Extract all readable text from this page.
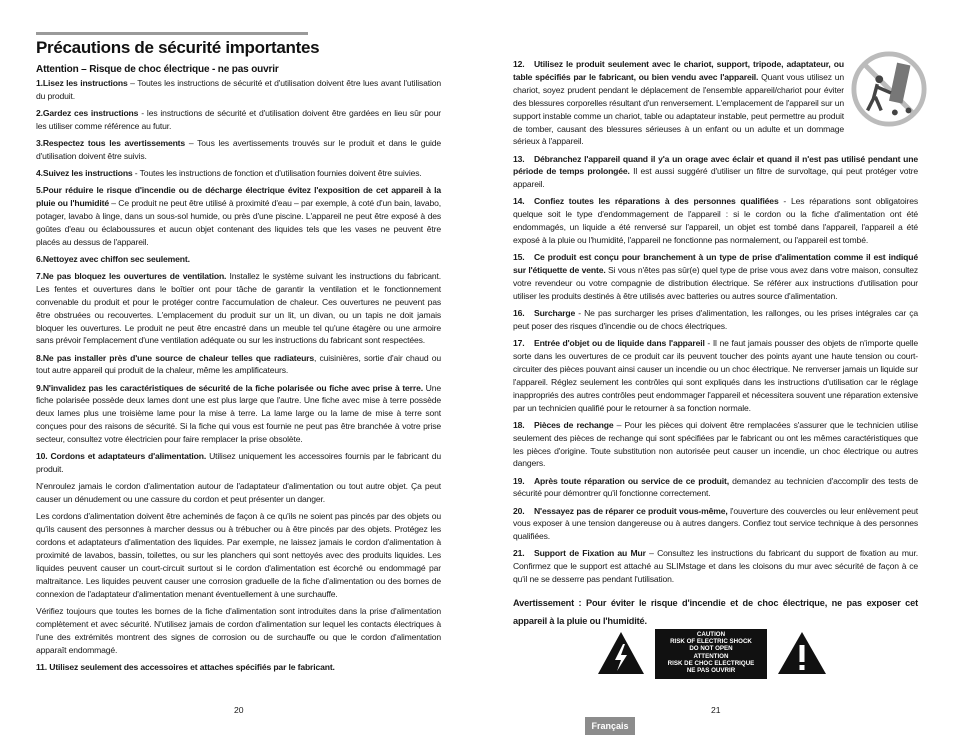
Précautions de sécurité importantes
Attention – Risque de choc électrique - ne pas ouvrir

1.Lisez les instructions – Toutes les instructions de sécurité et d'utilisation doivent être lues avant l'utilisation du produit.

2.Gardez ces instructions - les instructions de sécurité et d'utilisation doivent être gardées en lieu sûr pour les utiliser comme référence au futur.

3.Respectez tous les avertissements – Tous les avertissements trouvés sur le produit et dans le guide d'utilisation doivent être suivis.

4.Suivez les instructions - Toutes les instructions de fonction et d'utilisation fournies doivent être suivies.

5.Pour réduire le risque d'incendie ou de décharge électrique évitez l'exposition de cet appareil à la pluie ou l'humidité – Ce produit ne peut être utilisé à proximité d'eau – par exemple, à coté d'un bain, lavabo, potager, lavabo à linge, dans un sous-sol humide, ou près d'une piscine. L'appareil ne peut être exposé à des goûtes d'eau ou éclaboussures et aucun objet contenant des liquides tels que les vases ne peuvent être placés au dessus de l'appareil.

6.Nettoyez avec chiffon sec seulement.

7.Ne pas bloquez les ouvertures de ventilation. Installez le système suivant les instructions du fabricant. Les fentes et ouvertures dans le boîtier ont pour tâche de garantir la ventilation et le fonctionnement convenable du produit et pour le protéger contre l'accumulation de chaleur. Ces ouvertures ne peuvent pas être obstruées ou recouvertes. L'emplacement du produit sur un lit, un divan, ou un tapis ne doit jamais bloquer les ouvertures. Le produit ne peut être encastré dans un meuble tel qu'une étagère ou une armoire sans prévoir l'emplacement d'une ventilation adéquate ou sur les instructions du fabricant sont respectées.

8.Ne pas installer près d'une source de chaleur telles que radiateurs, cuisinières, sortie d'air chaud ou tout autre appareil qui produit de la chaleur, même les amplificateurs.

9.N'invalidez pas les caractéristiques de sécurité de la fiche polarisée ou fiche avec prise à terre. Une fiche polarisée possède deux lames dont une est plus large que l'autre. Une fiche avec mise à terre possède deux lames plus une troisième lame pour la mise à terre. La lame large ou la lame de mise à terre sont conçues pour des raisons de sécurité. Si la fiche qui vous est fournie ne peut pas être branchée à votre prise secteur, consultez votre électricien pour faire remplacer la prise obsolète.

10. Cordons et adaptateurs d'alimentation. Utilisez uniquement les accessoires fournis par le fabricant du produit.

N'enroulez jamais le cordon d'alimentation autour de l'adaptateur d'alimentation ou tout autre objet. Ça peut causer un dénudement ou une cassure du cordon et peut présenter un danger.

Les cordons d'alimentation doivent être acheminés de façon à ce qu'ils ne soient pas pincés par des objets ou qu'ils causent des personnes à marcher dessus ou à trébucher ou à être pincés par des objets. Protégez les cordons et adaptateurs d'alimentation des liquides. Par exemple, ne laissez jamais le cordon d'alimentation à proximité de lavabos, bassin, toilettes, ou sur les planchers qui sont nettoyés avec des produits liquides. Les liquides peuvent causer un court-circuit surtout si le cordon d'alimentation est écorché ou endommagé par maltraitance. Les liquides peuvent causer une corrosion graduelle de la fiche d'alimentation ou des bornes de connexion de l'adaptateur d'alimentation menant éventuellement à une surchauffe.

Vérifiez toujours que toutes les bornes de la fiche d'alimentation sont introduites dans la prise d'alimentation complètement et avec sécurité. N'utilisez jamais de cordon d'alimentation sur lequel les contacts électriques à l'une des extrémités montrent des signes de corrosion ou de surchauffe ou que le cordon d'alimentation apparaît endommagé.

11. Utilisez seulement des accessoires et attaches spécifiés par le fabricant.

12. Utilisez le produit seulement avec le chariot, support, tripode, adaptateur, ou table spécifiés par le fabricant, ou bien vendu avec l'appareil. Quant vous utilisez un chariot, soyez prudent pendant le déplacement de l'ensemble appareil/chariot pour éviter des blessures corporelles résultant d'un renversement. L'emplacement de l'appareil sur un support instable comme un chariot, table ou adaptateur instable, peut permettre au produit de tomber, causant des blessures sérieuses à un enfant ou un adulte et un dommage sérieux à l'appareil.

13. Débranchez l'appareil quand il y'a un orage avec éclair et quand il n'est pas utilisé pendant une période de temps prolongée. Il est aussi suggéré d'utiliser un filtre de survoltage, qui peut protéger votre appareil.

14. Confiez toutes les réparations à des personnes qualifiées - Les réparations sont obligatoires quelque soit le type d'endommagement de l'appareil : si le cordon ou la fiche d'alimentation ont été endommagés, un liquide a été renversé sur l'appareil, un objet est tombé dans l'appareil, l'appareil a été exposé à la pluie ou l'humidité, l'appareil ne fonctionne pas normalement, ou l'appareil est tombé.

15. Ce produit est conçu pour branchement à un type de prise d'alimentation comme il est indiqué sur l'étiquette de vente. Si vous n'êtes pas sûr(e) quel type de prise vous avez dans votre maison, consultez votre revendeur ou votre compagnie de distribution électrique. Se référer aux instructions d'utilisation pour utiliser les produits destinés à être utilisés avec batteries ou autres source d'alimentation.

16. Surcharge - Ne pas surcharger les prises d'alimentation, les rallonges, ou les prises intégrales car ça peut poser des risques d'incendie ou de chocs électriques.

17. Entrée d'objet ou de liquide dans l'appareil - Il ne faut jamais pousser des objets de n'importe quelle sorte dans les ouvertures de ce produit car ils peuvent toucher des points ayant une haute tension ou court-circuiter des pièces pouvant ainsi causer un incendie ou un choc électrique. Ne renverser jamais un liquide sur l'appareil. Réglez seulement les contrôles qui sont expliqués dans les instructions d'utilisation car le réglage inappropriés des autres contrôles peut endommager l'appareil et nécessitera souvent une réparation extensive par un technicien qualifié pour le retourner à sa fonction normale.

18. Pièces de rechange – Pour les pièces qui doivent être remplacées s'assurer que le technicien utilise seulement des pièces de rechange qui sont spécifiées par le fabricant ou ont les mêmes caractéristiques que les pièces d'origine. Toute substitution non autorisée peut causer un incendie, un choc électrique ou autres dangers.

19. Après toute réparation ou service de ce produit, demandez au technicien d'accomplir des tests de sécurité pour démontrer qu'il fonctionne correctement.

20. N'essayez pas de réparer ce produit vous-même, l'ouverture des couvercles ou leur enlèvement peut vous exposer à une tension dangereuse ou à autres dangers. Confiez tout service technique à des personnes qualifiées.

21. Support de Fixation au Mur – Consultez les instructions du fabricant du support de fixation au mur. Confirmez que le support est attaché au SLIMstage et dans les cloisons du mur avec sécurité de façon à ce qu'il ne se desserre pas pendant l'utilisation.

Avertissement : Pour éviter le risque d'incendie et de choc électrique, ne pas exposer cet appareil à la pluie ou l'humidité.
CAUTION
RISK OF ELECTRIC SHOCK
DO NOT OPEN
ATTENTION
RISK DE CHOC ELECTRIQUE
NE PAS OUVRIR
20	21
Français
